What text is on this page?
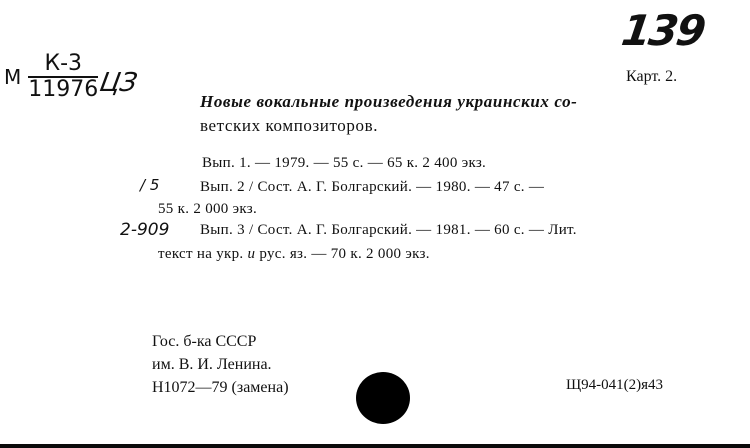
139
М $\frac{К-3}{11976}$ ЦЗ	Карт. 2.
Новые вокальные произведения украинских со-
ветских композиторов.
Вып. 1. — 1979. — 55 с. — 65 к. 2 400 экз.
/ 5	Вып. 2 / Сост. А. Г. Болгарский. — 1980. — 47 с. —
55 к. 2 000 экз.
2-909 Вып. 3 / Сост. А. Г. Болгарский. — 1981. — 60 с. — Лит.
текст на укр. и рус. яз. — 70 к. 2 000 экз.
Гос. б-ка СССР
им. В. И. Ленина.
Н1072—79 (замена)	Щ94-041(2)я43
